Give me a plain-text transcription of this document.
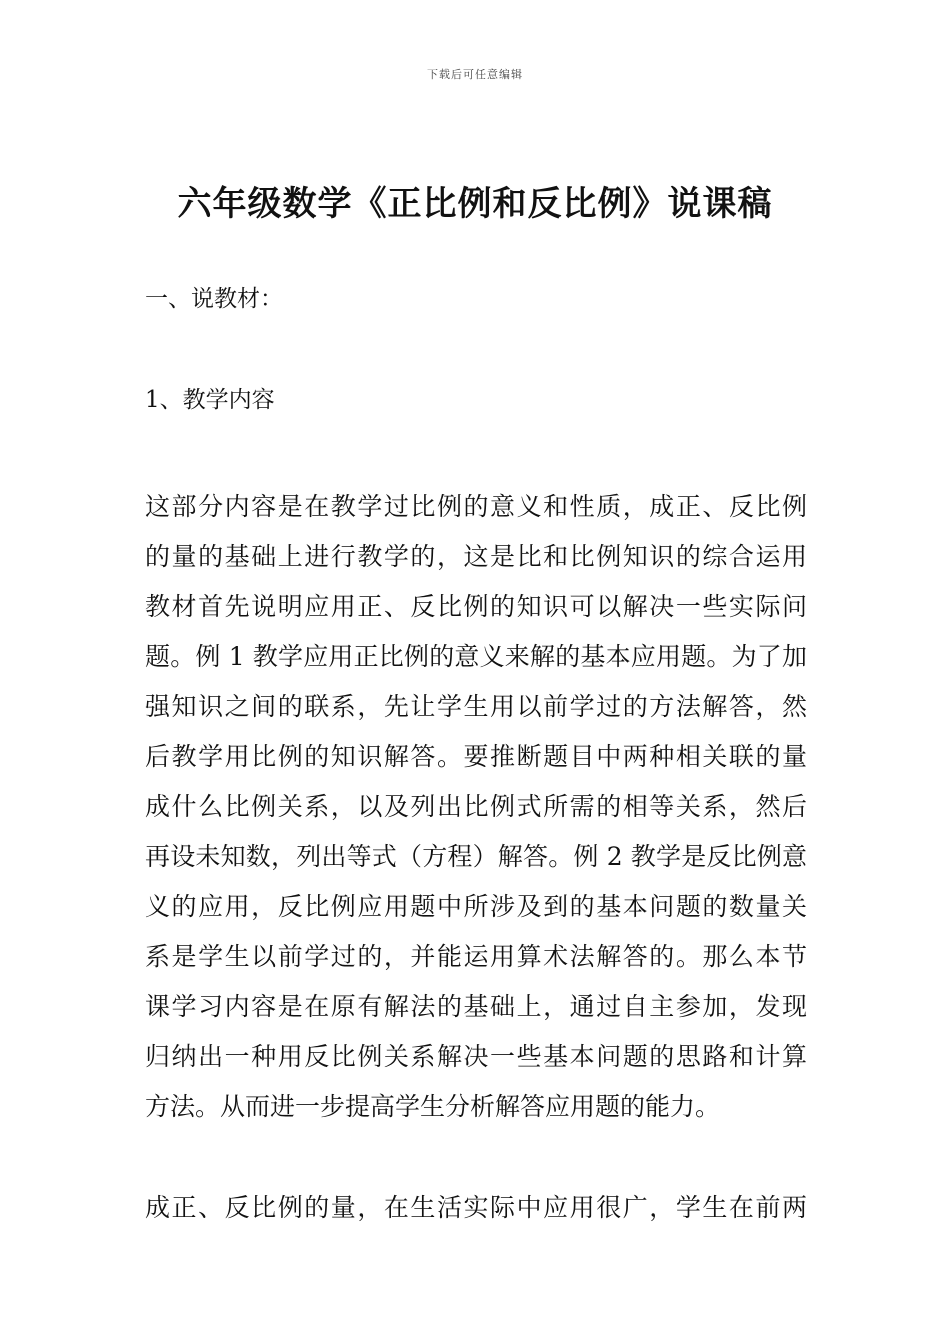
下载后可任意编辑
六年级数学《正比例和反比例》说课稿

一、说教材：

1、教学内容

这部分内容是在教学过比例的意义和性质，成正、反比例
的量的基础上进行教学的，这是比和比例知识的综合运用
教材首先说明应用正、反比例的知识可以解决一些实际问
题。例 1 教学应用正比例的意义来解的基本应用题。为了加
强知识之间的联系，先让学生用以前学过的方法解答，然
后教学用比例的知识解答。要推断题目中两种相关联的量
成什么比例关系，以及列出比例式所需的相等关系，然后
再设未知数，列出等式（方程）解答。例 2 教学是反比例意
义的应用，反比例应用题中所涉及到的基本问题的数量关
系是学生以前学过的，并能运用算术法解答的。那么本节
课学习内容是在原有解法的基础上，通过自主参加，发现
归纳出一种用反比例关系解决一些基本问题的思路和计算
方法。从而进一步提高学生分析解答应用题的能力。
成正、反比例的量，在生活实际中应用很广，学生在前两
